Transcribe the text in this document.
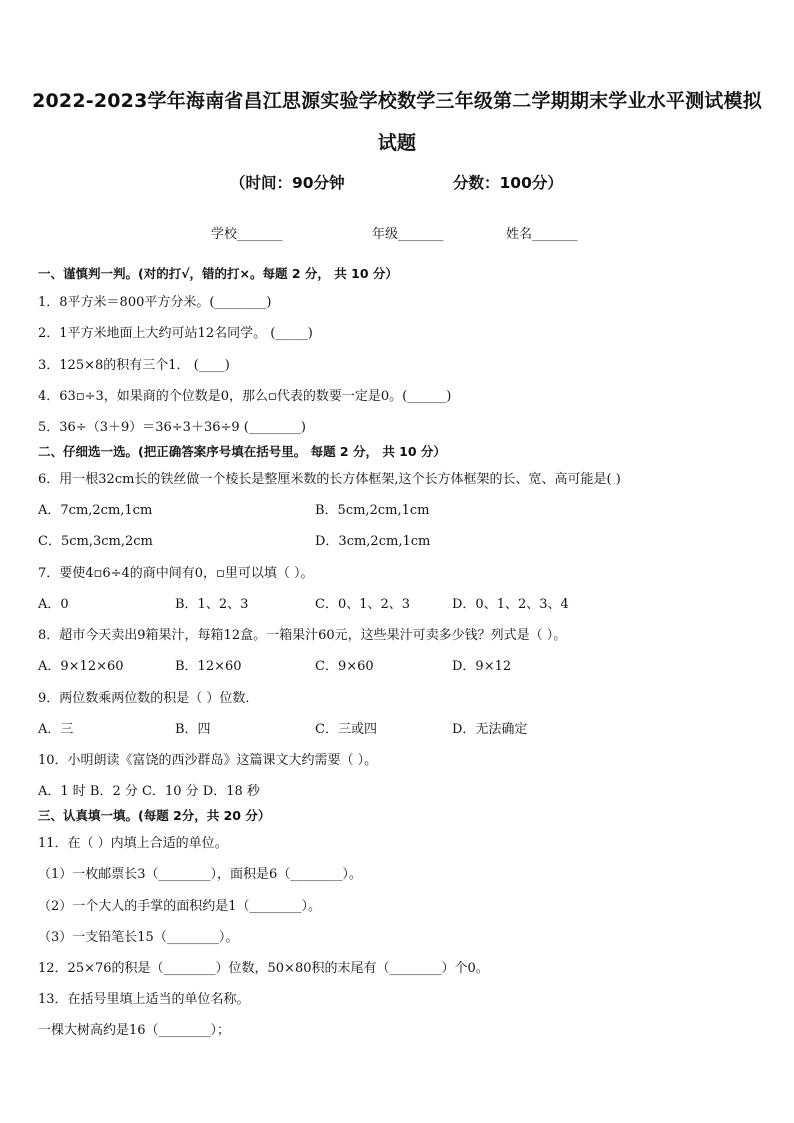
2022-2023学年海南省昌江思源实验学校数学三年级第二学期期末学业水平测试模拟
试题
（时间：90分钟	分数：100分）
学校_______	年级_______	姓名_______
一、谨慎判一判。(对的打√，错的打×。每题 2 分， 共 10 分）
1．8平方米＝800平方分米。(________)
2．1平方米地面上大约可站12名同学。 (_____)
3．125×8的积有三个1． (____)
4．63▫÷3，如果商的个位数是0，那么▫代表的数要一定是0。(______)
5．36÷（3＋9）＝36÷3＋36÷9 (________)
二、仔细选一选。(把正确答案序号填在括号里。 每题 2 分， 共 10 分）
6．用一根32cm长的铁丝做一个棱长是整厘米数的长方体框架,这个长方体框架的长、宽、高可能是( )
A．7cm,2cm,1cm	B．5cm,2cm,1cm
C．5cm,3cm,2cm	D．3cm,2cm,1cm
7．要使4▫6÷4的商中间有0，▫里可以填（ ）。
A．0	B．1、2、3	C．0、1、2、3	D．0、1、2、3、4
8．超市今天卖出9箱果汁，每箱12盒。一箱果汁60元，这些果汁可卖多少钱？列式是（ ）。
A．9×12×60	B．12×60	C．9×60	D．9×12
9．两位数乘两位数的积是（ ）位数．
A．三	B．四	C．三或四	D．无法确定
10．小明朗读《富饶的西沙群岛》这篇课文大约需要（ ）。
A．1 时 B．2 分 C．10 分 D．18 秒
三、认真填一填。(每题 2分，共 20 分）
11．在（ ）内填上合适的单位。
（1）一枚邮票长3（________），面积是6（________）。
（2）一个大人的手掌的面积约是1（________）。
（3）一支铅笔长15（________）。
12．25×76的积是（________）位数，50×80积的末尾有（________）个0。
13．在括号里填上适当的单位名称。
一棵大树高约是16（________）；
